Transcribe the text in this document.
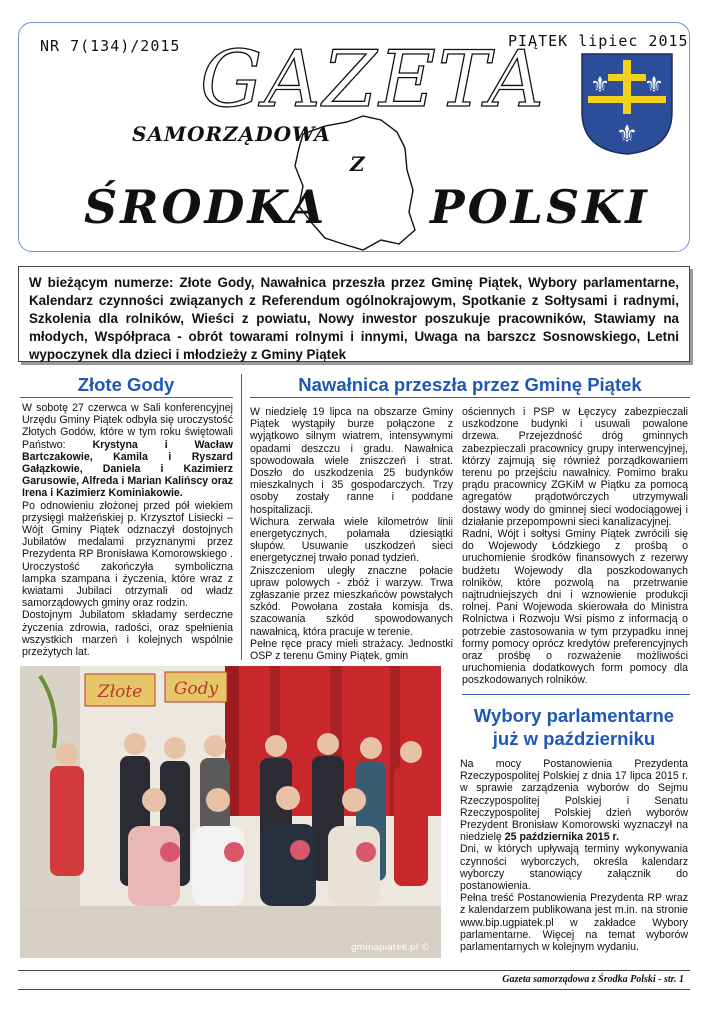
NR 7(134)/2015	PIĄTEK lipiec 2015
GAZETA
SAMORZĄDOWA
Z
ŚRODKA POLSKI
⚜ ⚜
⚜
W bieżącym numerze: Złote Gody, Nawałnica przeszła przez Gminę Piątek, Wybory parlamentarne, Kalendarz czynności związanych z Referendum ogólnokrajowym, Spotkanie z Sołtysami i radnymi, Szkolenia dla rolników, Wieści z powiatu, Nowy inwestor poszukuje pracowników, Stawiamy na młodych, Współpraca - obrót towarami rolnymi i innymi, Uwaga na barszcz Sosnowskiego, Letni wypoczynek dla dzieci i młodzieży z Gminy Piątek
Złote Gody

W sobotę 27 czerwca w Sali konferencyjnej Urzędu Gminy Piątek odbyła się uroczystość Złotych Godów, które w tym roku świętowali Państwo: Krystyna i Wacław Bartczakowie, Kamila i Ryszard Gałązkowie, Daniela i Kazimierz Garusowie, Alfreda i Marian Kalińscy oraz Irena i Kazimierz Kominiakowie.

Po odnowieniu złożonej przed pół wiekiem przysięgi małżeńskiej p. Krzysztof Lisiecki – Wójt Gminy Piątek odznaczył dostojnych Jubilatów medalami przyznanymi przez Prezydenta RP Bronisława Komorowskiego . Uroczystość zakończyła symboliczna lampka szampana i życzenia, które wraz z kwiatami Jubilaci otrzymali od władz samorządowych gminy oraz rodzin.

Dostojnym Jubilatom składamy serdeczne życzenia zdrowia, radości, oraz spełnienia wszystkich marzeń i kolejnych wspólnie przeżytych lat.

Nawałnica przeszła przez Gminę Piątek
W niedzielę 19 lipca na obszarze Gminy Piątek wystąpiły burze połączone z wyjątkowo silnym wiatrem, intensywnymi opadami deszczu i gradu. Nawałnica spowodowała wiele zniszczeń i strat. Doszło do uszkodzenia 25 budynków mieszkalnych i 35 gospodarczych. Trzy osoby zostały ranne i poddane hospitalizacji.
Wichura zerwała wiele kilometrów linii energetycznych, połamała dziesiątki słupów. Usuwanie uszkodzeń sieci energetycznej trwało ponad tydzień.
Zniszczeniom uległy znaczne połacie upraw polowych - zbóż i warzyw. Trwa zgłaszanie przez mieszkańców powstałych szkód. Powołana została komisja ds. szacowania szkód spowodowanych nawałnicą, która pracuje w terenie.
Pełne ręce pracy mieli strażacy. Jednostki OSP z terenu Gminy Piątek, gmin
ościennych i PSP w Łęczycy zabezpieczali uszkodzone budynki i usuwali powalone drzewa. Przejezdność dróg gminnych zabezpieczali pracownicy grupy interwencyjnej, którzy zajmują się również porządkowaniem terenu po przejściu nawałnicy. Pomimo braku prądu pracownicy ZGKiM w Piątku za pomocą agregatów prądotwórczych utrzymywali dostawy wody do gminnej sieci wodociągowej i działanie przepompowni sieci kanalizacyjnej.
Radni, Wójt i sołtysi Gminy Piątek zwrócili się do Wojewody Łódzkiego z prośbą o uruchomienie środków finansowych z rezerwy budżetu Wojewody dla poszkodowanych rolników, które pozwolą na przetrwanie najtrudniejszych dni i wznowienie produkcji rolnej. Pani Wojewoda skierowała do Ministra Rolnictwa i Rozwoju Wsi pismo z informacją o potrzebie zastosowania w tym przypadku innej formy pomocy oprócz kredytów preferencyjnych oraz prośbę o rozważenie możliwości uruchomienia dodatkowych form pomocy dla poszkodowanych rolników.
Wybory parlamentarne
już w październiku

Na mocy Postanowienia Prezydenta Rzeczypospolitej Polskiej z dnia 17 lipca 2015 r. w sprawie zarządzenia wyborów do Sejmu Rzeczypospolitej Polskiej i Senatu Rzeczypospolitej Polskiej dzień wyborów Prezydent Bronisław Komorowski wyznaczył na niedzielę 25 października 2015 r.

Dni, w których upływają terminy wykonywania czynności wyborczych, określa kalendarz wyborczy stanowiący załącznik do postanowienia.

Pełna treść Postanowienia Prezydenta RP wraz z kalendarzem publikowana jest m.in. na stronie www.bip.ugpiatek.pl w zakładce Wybory parlamentarne. Więcej na temat wyborów parlamentarnych w kolejnym wydaniu.

Złote Gody
gminapiatek.pl ©
Gazeta samorządowa z Środka Polski - str. 1
